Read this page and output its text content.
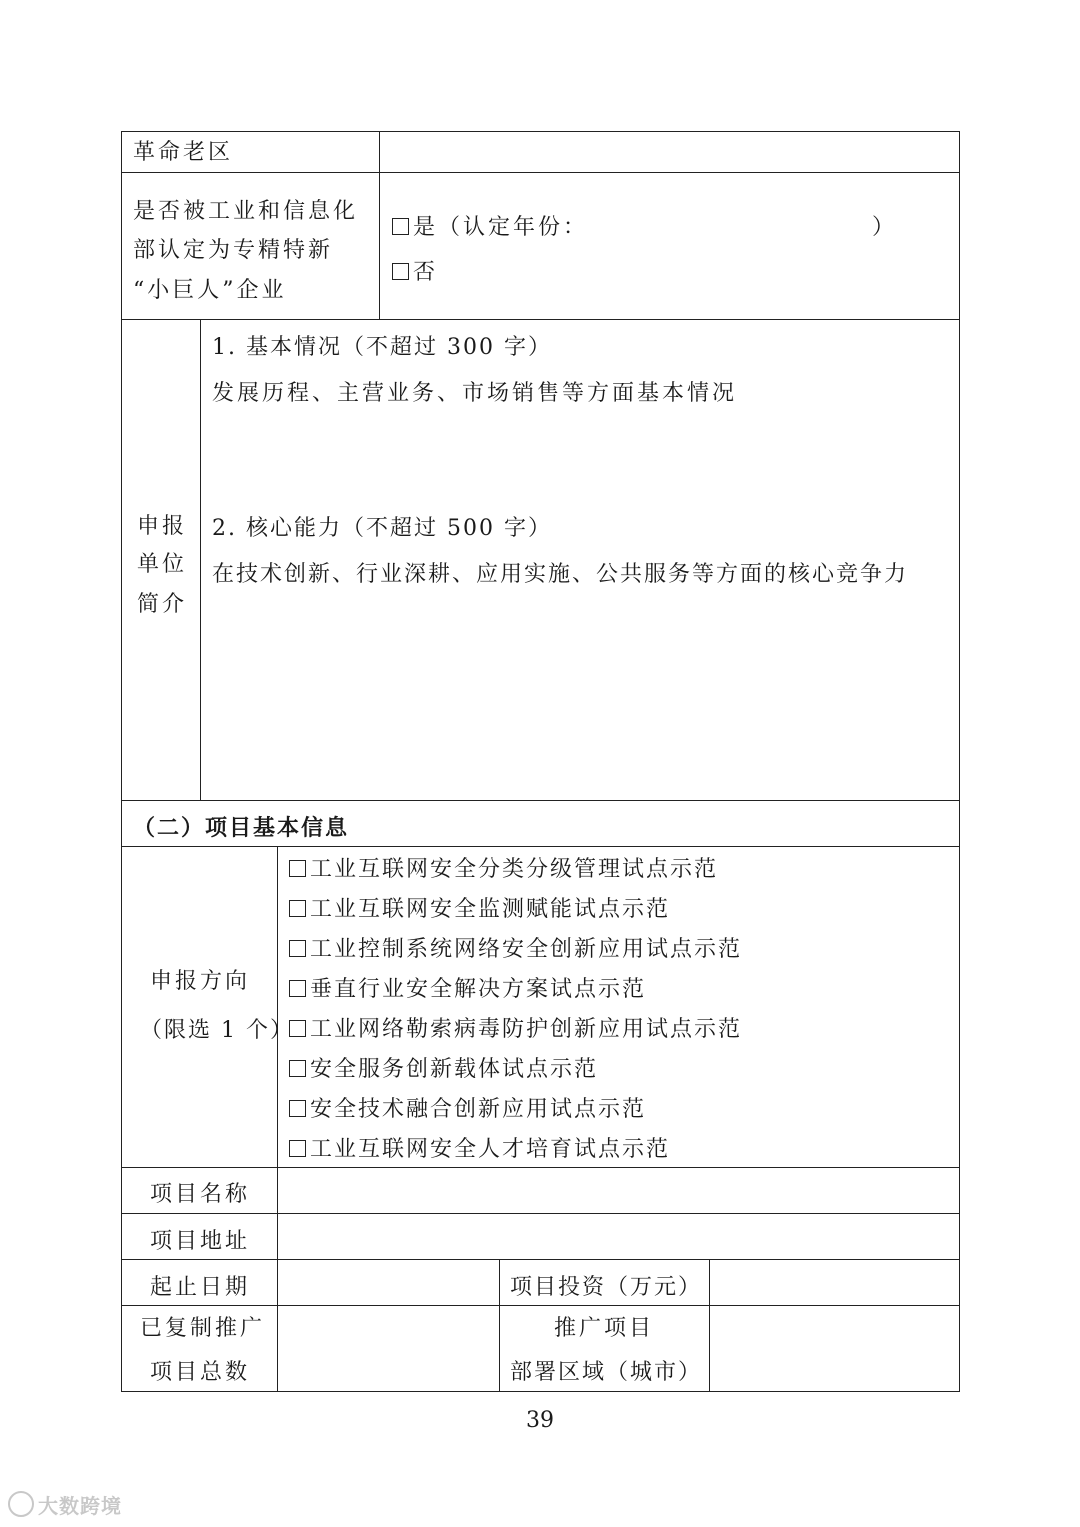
革命老区
是否被工业和信息化
部认定为专精特新
“小巨人”企业
是（认定年份：	）
否
申报
单位
简介
1. 基本情况（不超过 300 字）
发展历程、主营业务、市场销售等方面基本情况
2. 核心能力（不超过 500 字）
在技术创新、行业深耕、应用实施、公共服务等方面的核心竞争力
（二）项目基本信息
申报方向
（限选 1 个）
工业互联网安全分类分级管理试点示范
工业互联网安全监测赋能试点示范
工业控制系统网络安全创新应用试点示范
垂直行业安全解决方案试点示范
工业网络勒索病毒防护创新应用试点示范
安全服务创新载体试点示范
安全技术融合创新应用试点示范
工业互联网安全人才培育试点示范
项目名称
项目地址
起止日期	项目投资（万元）
已复制推广
项目总数
推广项目
部署区域（城市）
39
大数跨境
